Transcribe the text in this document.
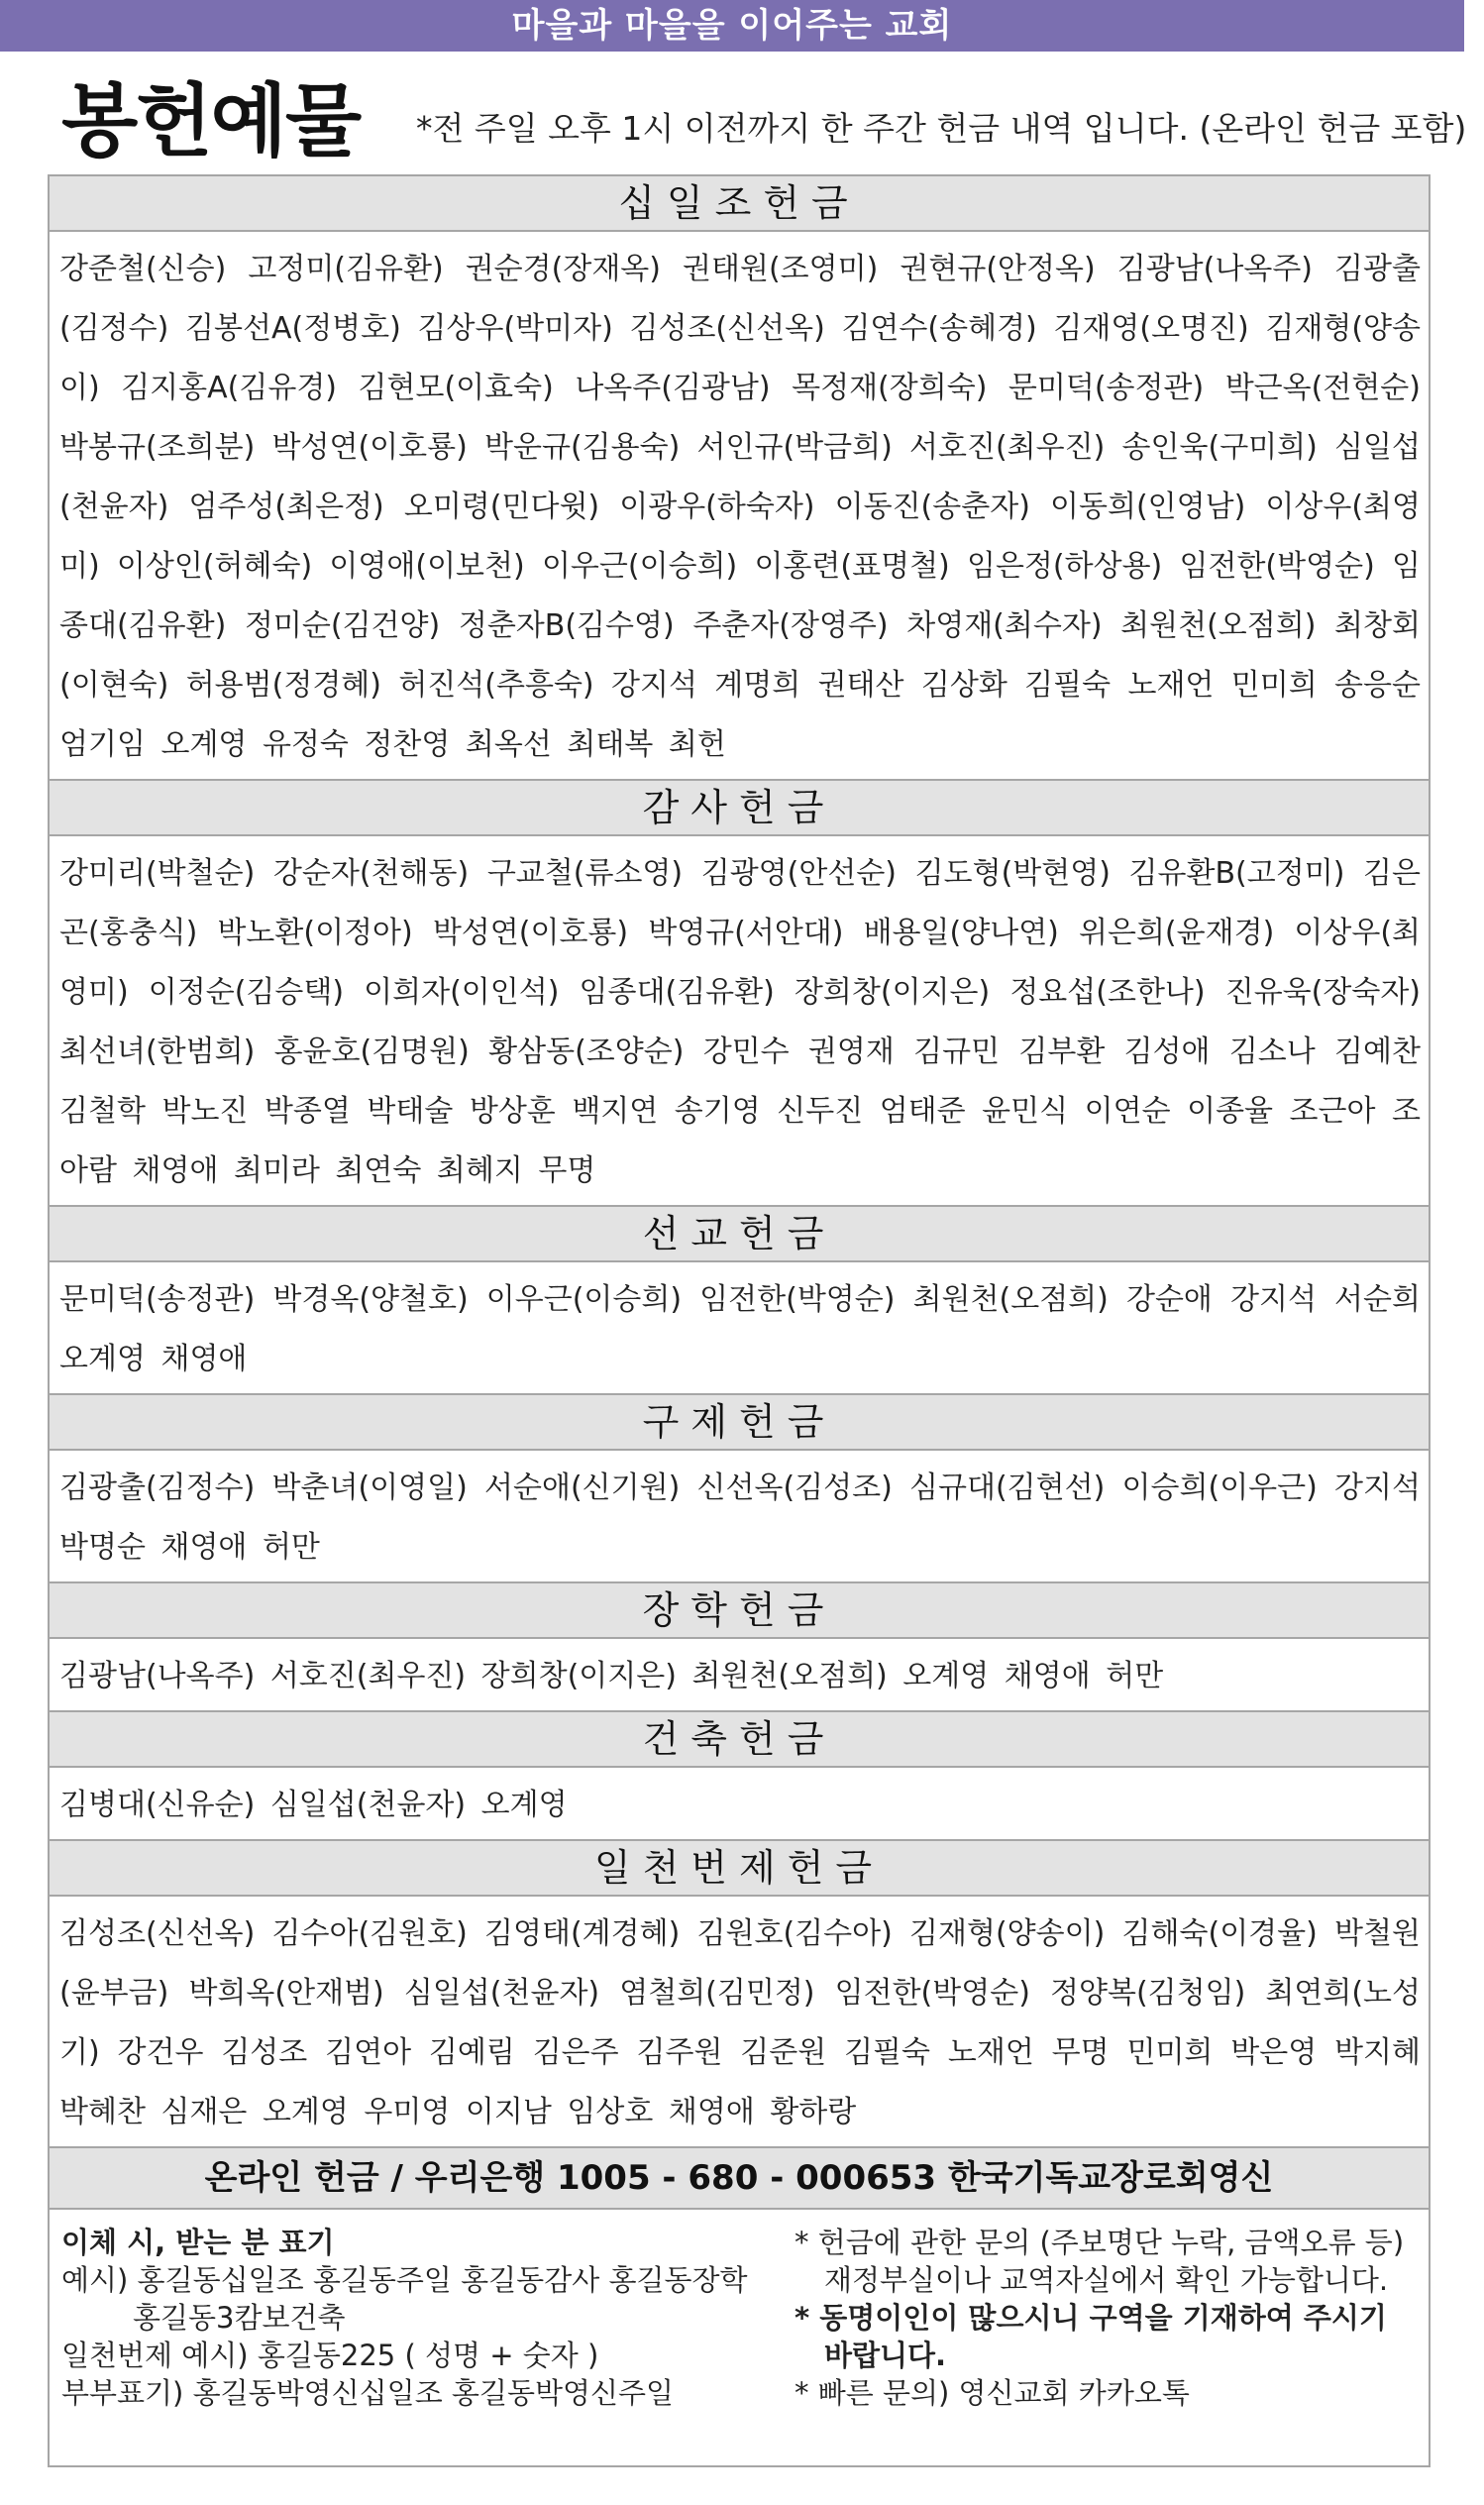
마을과 마을을 이어주는 교회
봉헌예물 *전 주일 오후 1시 이전까지 한 주간 헌금 내역 입니다. (온라인 헌금 포함)
십일조헌금
강준철(신승) 고정미(김유환) 권순경(장재옥) 권태원(조영미) 권현규(안정옥) 김광남(나옥주) 김광출(김정수) 김봉선A(정병호) 김상우(박미자) 김성조(신선옥) 김연수(송혜경) 김재영(오명진) 김재형(양송이) 김지홍A(김유경) 김현모(이효숙) 나옥주(김광남) 목정재(장희숙) 문미덕(송정관) 박근옥(전현순) 박봉규(조희분) 박성연(이호룡) 박운규(김용숙) 서인규(박금희) 서호진(최우진) 송인욱(구미희) 심일섭(천윤자) 엄주성(최은정) 오미령(민다윗) 이광우(하숙자) 이동진(송춘자) 이동희(인영남) 이상우(최영미) 이상인(허혜숙) 이영애(이보천) 이우근(이승희) 이홍련(표명철) 임은정(하상용) 임전한(박영순) 임종대(김유환) 정미순(김건양) 정춘자B(김수영) 주춘자(장영주) 차영재(최수자) 최원천(오점희) 최창회(이현숙) 허용범(정경혜) 허진석(추흥숙) 강지석 계명희 권태산 김상화 김필숙 노재언 민미희 송응순 엄기임 오계영 유정숙 정찬영 최옥선 최태복 최헌
감사헌금
강미리(박철순) 강순자(천해동) 구교철(류소영) 김광영(안선순) 김도형(박현영) 김유환B(고정미) 김은곤(홍충식) 박노환(이정아) 박성연(이호룡) 박영규(서안대) 배용일(양나연) 위은희(윤재경) 이상우(최영미) 이정순(김승택) 이희자(이인석) 임종대(김유환) 장희창(이지은) 정요섭(조한나) 진유욱(장숙자) 최선녀(한범희) 홍윤호(김명원) 황삼동(조양순) 강민수 권영재 김규민 김부환 김성애 김소나 김예찬 김철학 박노진 박종열 박태술 방상훈 백지연 송기영 신두진 엄태준 윤민식 이연순 이종율 조근아 조아람 채영애 최미라 최연숙 최혜지 무명
선교헌금
문미덕(송정관) 박경옥(양철호) 이우근(이승희) 임전한(박영순) 최원천(오점희) 강순애 강지석 서순희 오계영 채영애
구제헌금
김광출(김정수) 박춘녀(이영일) 서순애(신기원) 신선옥(김성조) 심규대(김현선) 이승희(이우근) 강지석 박명순 채영애 허만
장학헌금
김광남(나옥주) 서호진(최우진) 장희창(이지은) 최원천(오점희) 오계영 채영애 허만
건축헌금
김병대(신유순) 심일섭(천윤자) 오계영
일천번제헌금
김성조(신선옥) 김수아(김원호) 김영태(계경혜) 김원호(김수아) 김재형(양송이) 김해숙(이경율) 박철원(윤부금) 박희옥(안재범) 심일섭(천윤자) 염철희(김민정) 임전한(박영순) 정양복(김청임) 최연희(노성기) 강건우 김성조 김연아 김예림 김은주 김주원 김준원 김필숙 노재언 무명 민미희 박은영 박지혜 박혜찬 심재은 오계영 우미영 이지남 임상호 채영애 황하랑
온라인 헌금 / 우리은행 1005 - 680 - 000653 한국기독교장로회영신
이체 시, 받는 분 표기
예시) 홍길동십일조 홍길동주일 홍길동감사 홍길동장학
홍길동3캄보건축
일천번제 예시) 홍길동225 ( 성명 + 숫자 )
부부표기) 홍길동박영신십일조 홍길동박영신주일
* 헌금에 관한 문의 (주보명단 누락, 금액오류 등)
재정부실이나 교역자실에서 확인 가능합니다.
* 동명이인이 많으시니 구역을 기재하여 주시기
바랍니다.
* 빠른 문의) 영신교회 카카오톡
